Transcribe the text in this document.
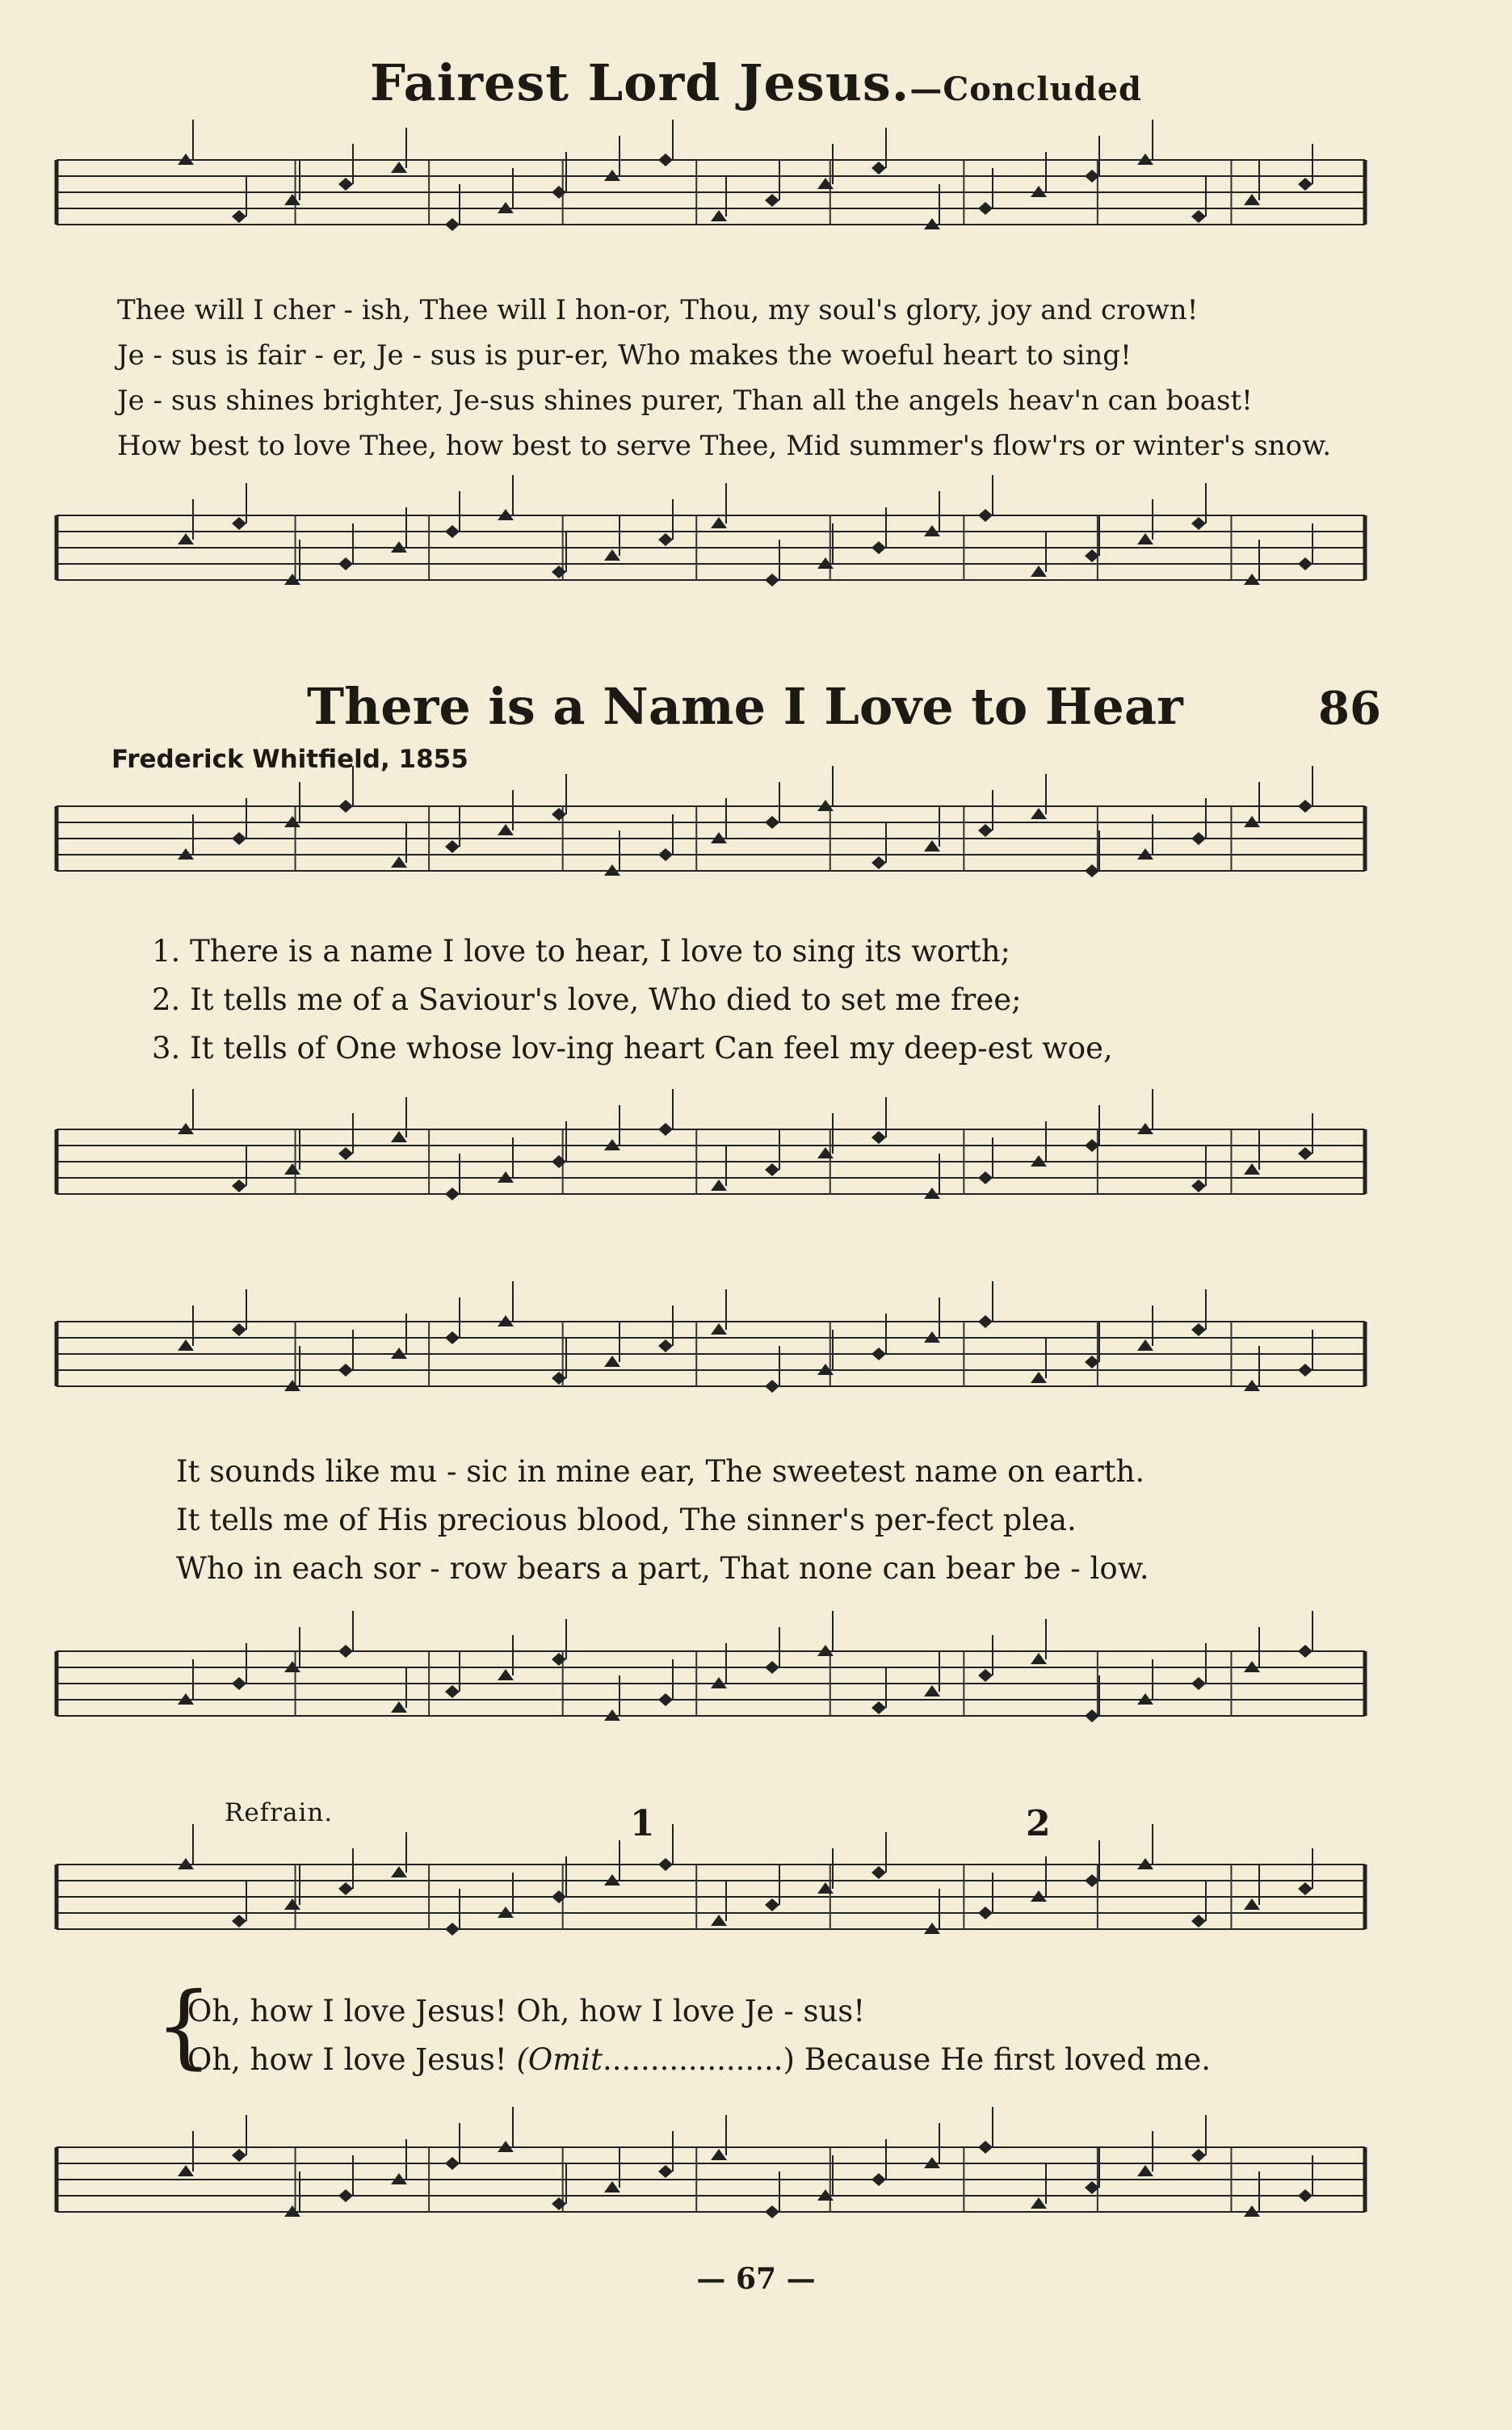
Fairest Lord Jesus.—Concluded
Thee will I cher - ish, Thee will I hon-or, Thou, my soul's glory, joy and crown!
Je - sus is fair - er, Je - sus is pur-er, Who makes the woeful heart to sing!
Je - sus shines brighter, Je-sus shines purer, Than all the angels heav'n can boast!
How best to love Thee, how best to serve Thee, Mid summer's flow'rs or winter's snow.
There is a Name I Love to Hear	86
Frederick Whitfield, 1855
1. There is a name I love to hear, I love to sing its worth;
2. It tells me of a Saviour's love, Who died to set me free;
3. It tells of One whose lov-ing heart Can feel my deep-est woe,
It sounds like mu - sic in mine ear, The sweetest name on earth.
It tells me of His precious blood, The sinner's per-fect plea.
Who in each sor - row bears a part, That none can bear be - low.
Refrain.	1	2
{
Oh, how I love Jesus! Oh, how I love Je - sus!
Oh, how I love Jesus! (Omit...................) Because He first loved me.
— 67 —
